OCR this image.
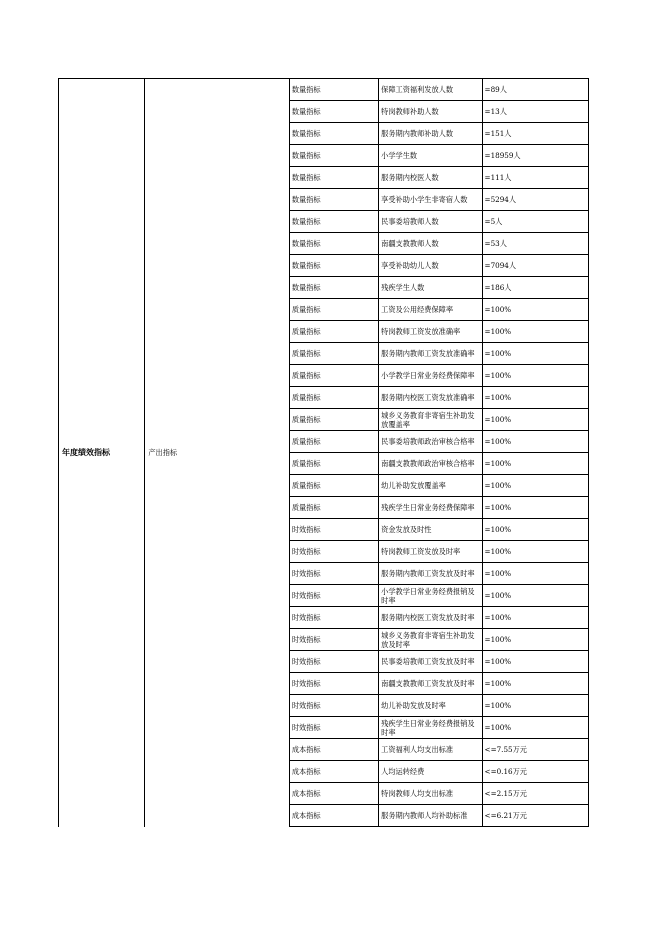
年度绩效指标	产出指标	数量指标	保障工资福利发放人数	=89人
		数量指标	特岗教师补助人数	=13人
		数量指标	服务期内教师补助人数	=151人
		数量指标	小学学生数	=18959人
		数量指标	服务期内校医人数	=111人
		数量指标	享受补助小学生非寄宿人数	=5294人
		数量指标	民事委培教师人数	=5人
		数量指标	南疆支教教师人数	=53人
		数量指标	享受补助幼儿人数	=7094人
		数量指标	残疾学生人数	=186人
		质量指标	工资及公用经费保障率	=100%
		质量指标	特岗教师工资发放准确率	=100%
		质量指标	服务期内教师工资发放准确率	=100%
		质量指标	小学教学日常业务经费保障率	=100%
		质量指标	服务期内校医工资发放准确率	=100%
		质量指标	城乡义务教育非寄宿生补助发放覆盖率	=100%
		质量指标	民事委培教师政治审核合格率	=100%
		质量指标	南疆支教教师政治审核合格率	=100%
		质量指标	幼儿补助发放覆盖率	=100%
		质量指标	残疾学生日常业务经费保障率	=100%
		时效指标	资金发放及时性	=100%
		时效指标	特岗教师工资发放及时率	=100%
		时效指标	服务期内教师工资发放及时率	=100%
		时效指标	小学教学日常业务经费报销及时率	=100%
		时效指标	服务期内校医工资发放及时率	=100%
		时效指标	城乡义务教育非寄宿生补助发放及时率	=100%
		时效指标	民事委培教师工资发放及时率	=100%
		时效指标	南疆支教教师工资发放及时率	=100%
		时效指标	幼儿补助发放及时率	=100%
		时效指标	残疾学生日常业务经费报销及时率	=100%
		成本指标	工资福利人均支出标准	<=7.55万元
		成本指标	人均运转经费	<=0.16万元
		成本指标	特岗教师人均支出标准	<=2.15万元
		成本指标	服务期内教师人均补助标准	<=6.21万元
